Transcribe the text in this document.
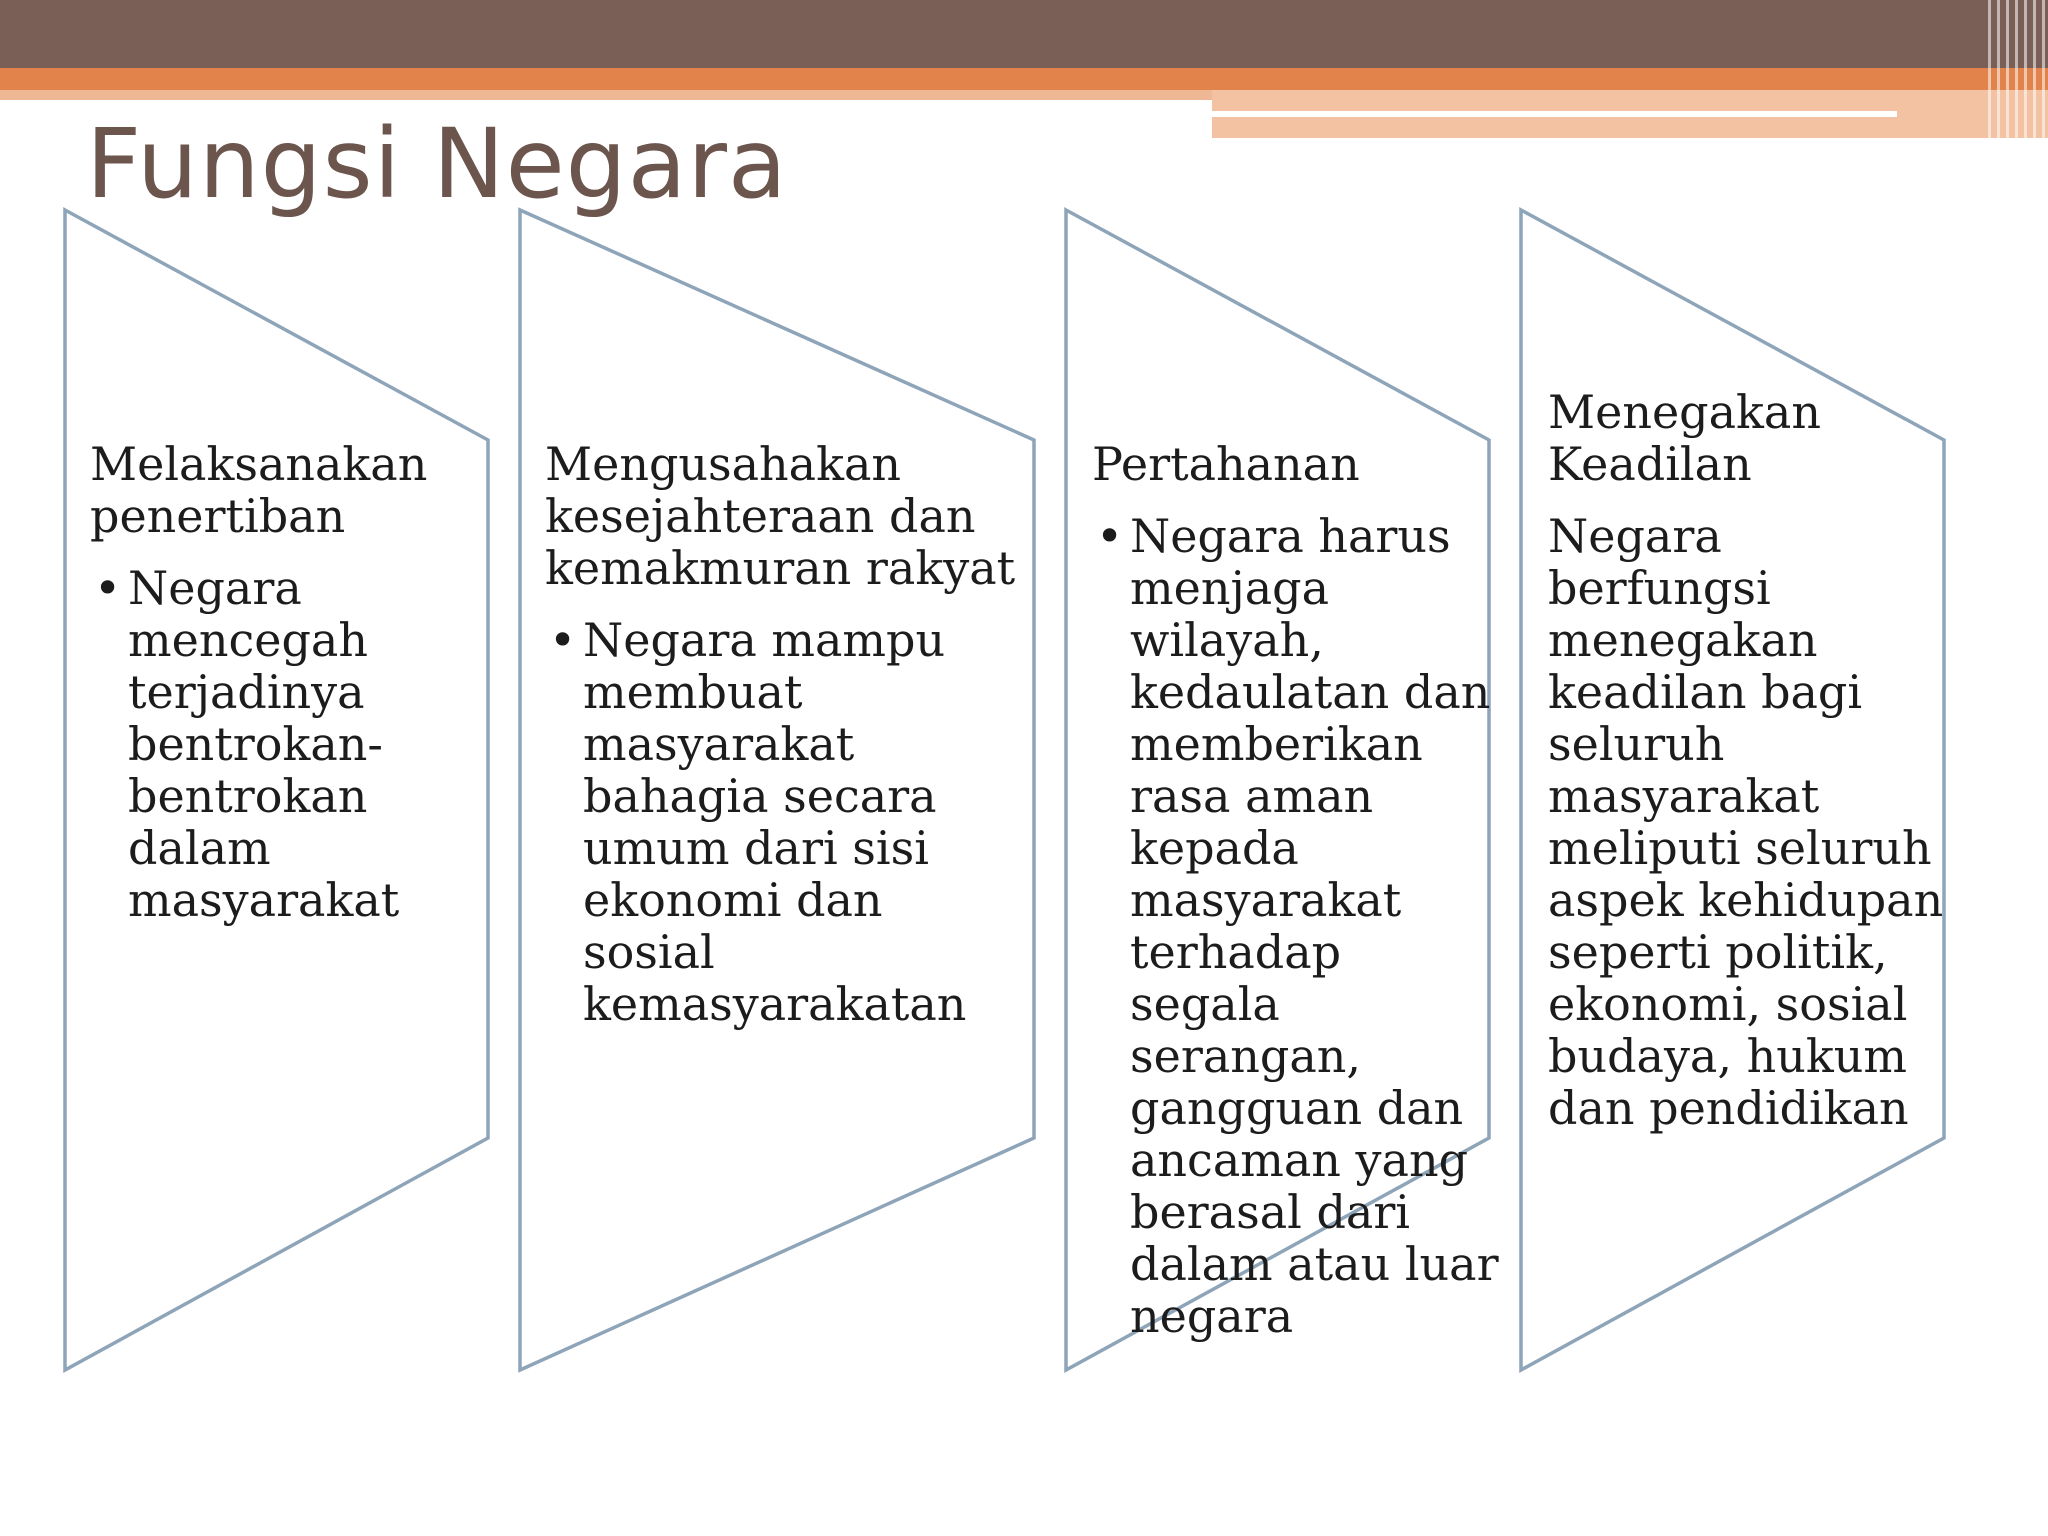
Fungsi Negara

Melaksanakan penertiban

• Negara mencegah terjadinya bentrokan-bentrokan dalam masyarakat

Mengusahakan kesejahteraan dan kemakmuran rakyat

• Negara mampu membuat masyarakat bahagia secara umum dari sisi ekonomi dan sosial kemasyarakatan

Pertahanan

• Negara harus menjaga wilayah, kedaulatan dan memberikan rasa aman kepada masyarakat terhadap segala serangan, gangguan dan ancaman yang berasal dari dalam atau luar negara

Menegakan Keadilan

Negara berfungsi menegakan keadilan bagi seluruh masyarakat meliputi seluruh aspek kehidupan seperti politik, ekonomi, sosial budaya, hukum dan pendidikan
